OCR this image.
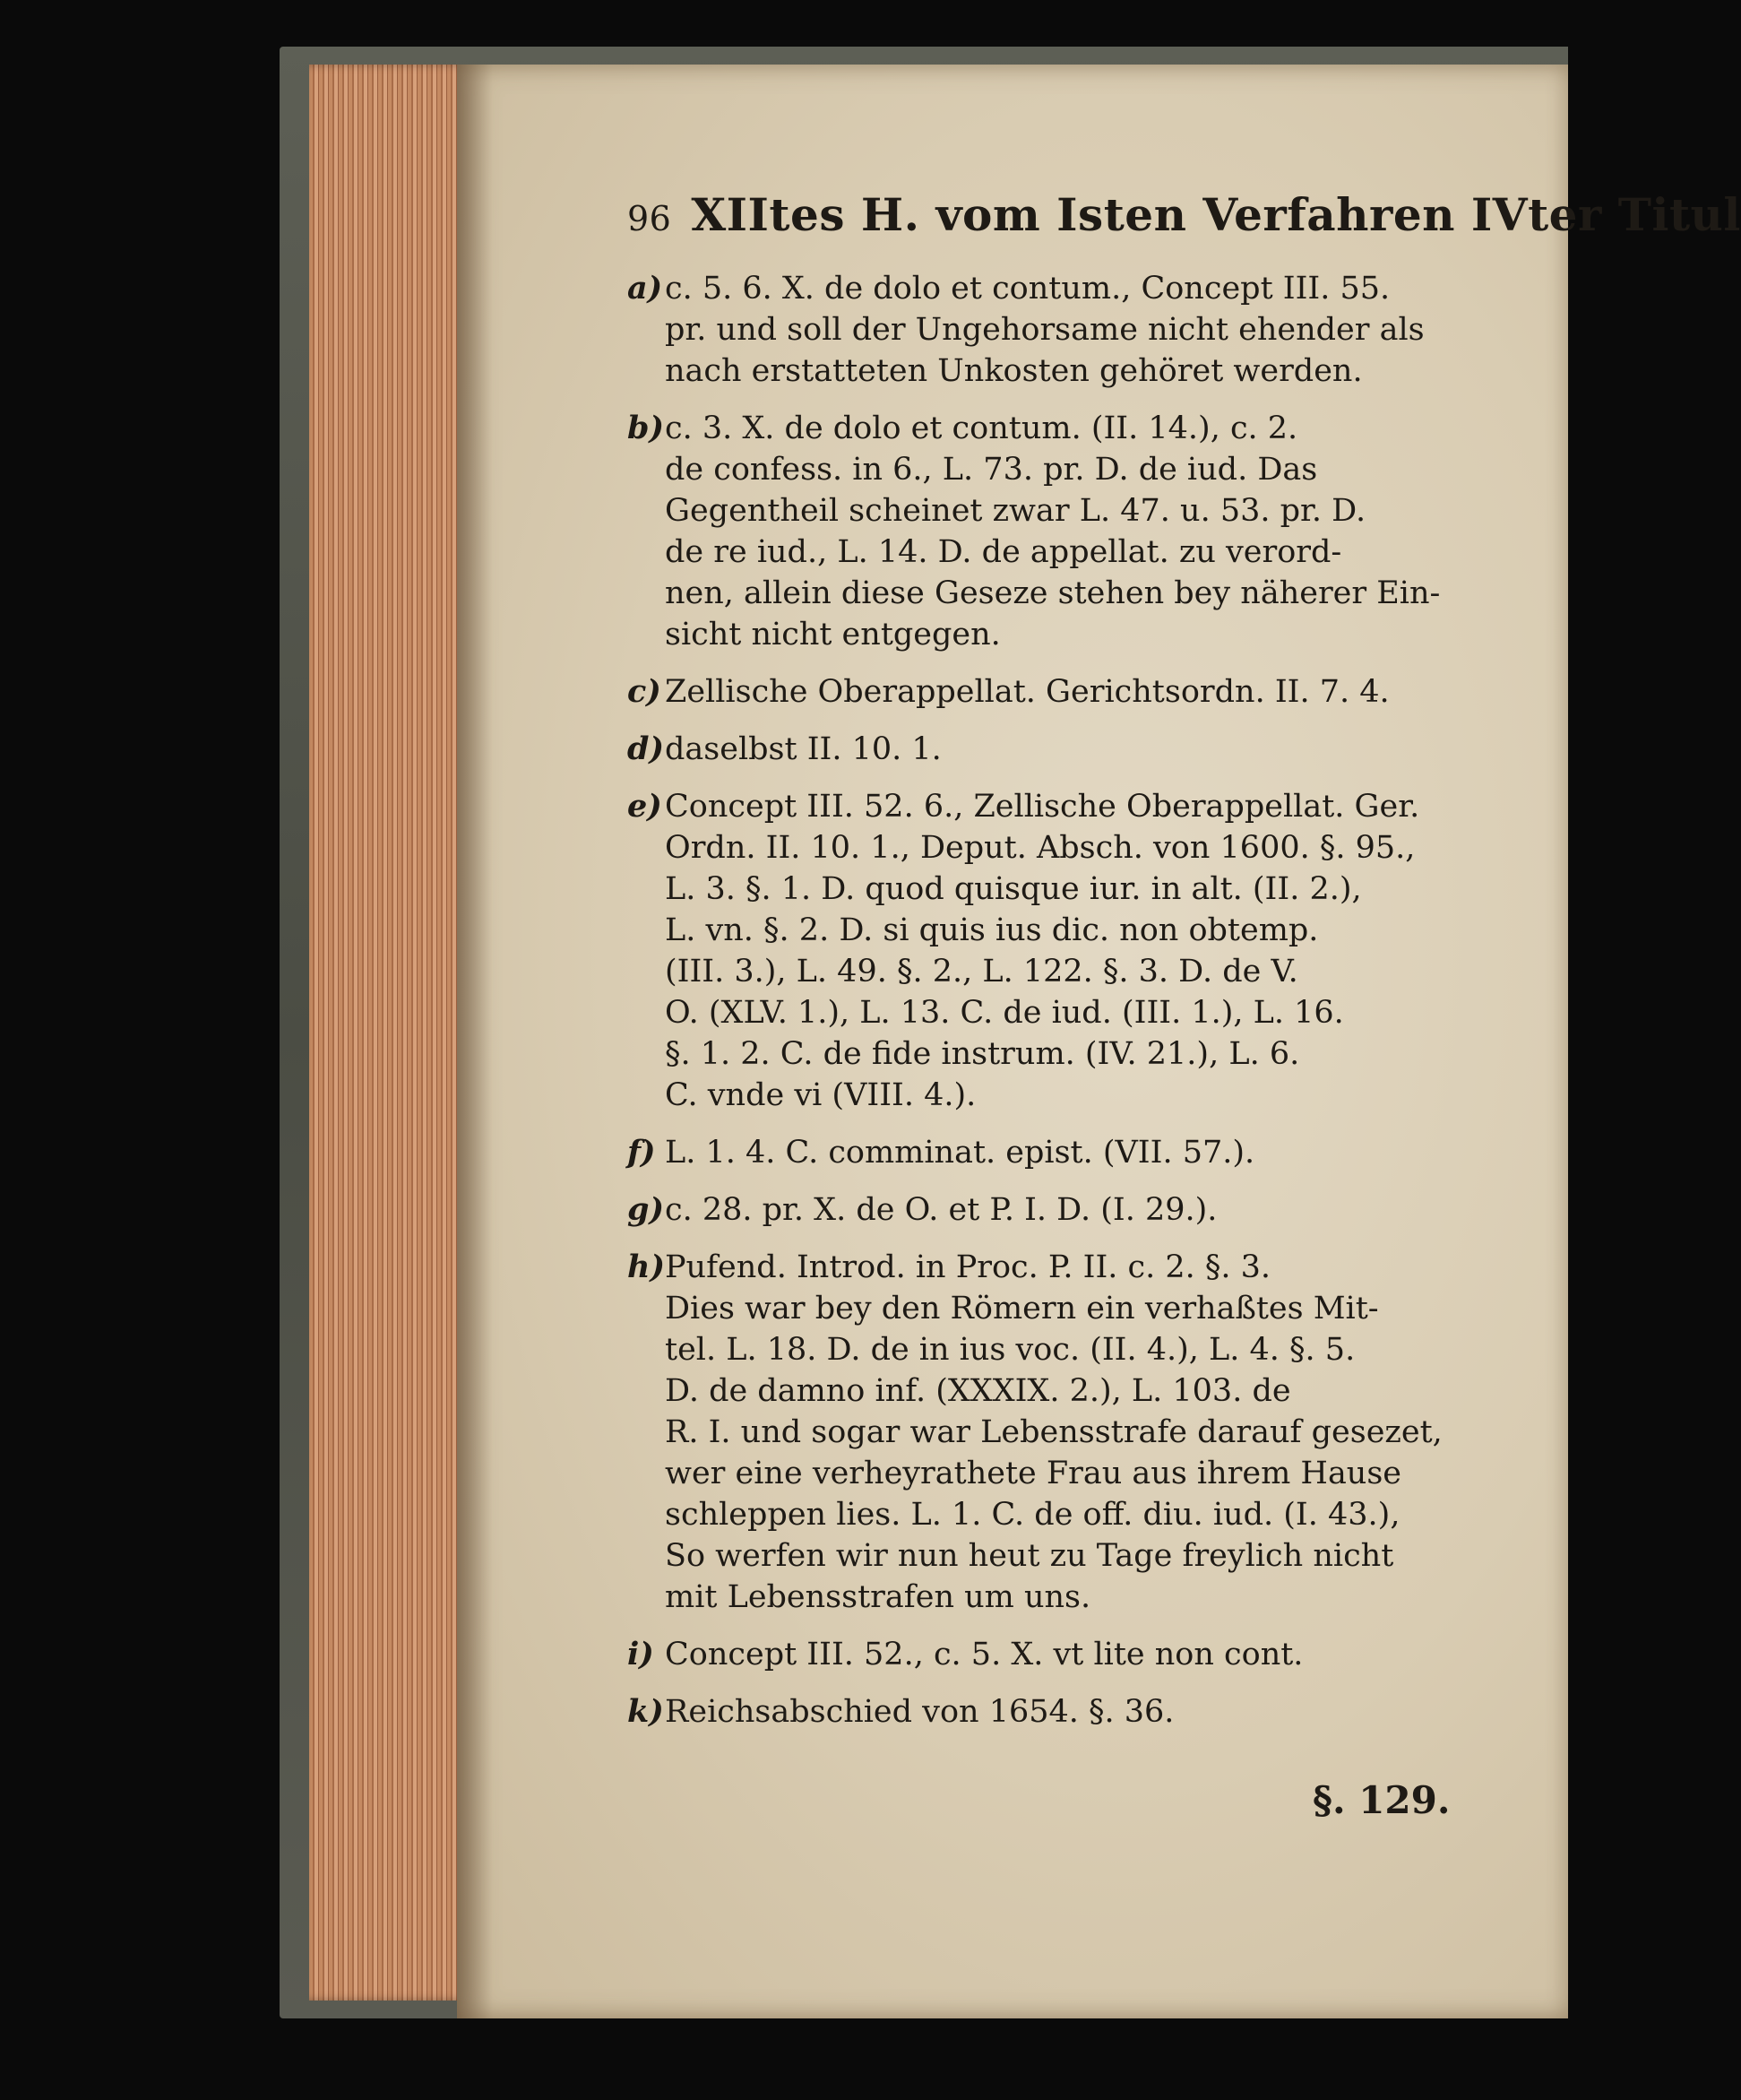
96 XIItes H. vom Isten Verfahren IVter Titul
a) c. 5. 6. X. de dolo et contum., Concept III. 55.
pr. und soll der Ungehorsame nicht ehender als
nach erstatteten Unkosten gehöret werden.
b) c. 3. X. de dolo et contum. (II. 14.), c. 2.
de confess. in 6., L. 73. pr. D. de iud. Das
Gegentheil scheinet zwar L. 47. u. 53. pr. D.
de re iud., L. 14. D. de appellat. zu verord-
nen, allein diese Geseze stehen bey näherer Ein-
sicht nicht entgegen.
c) Zellische Oberappellat. Gerichtsordn. II. 7. 4.
d) daselbst II. 10. 1.
e) Concept III. 52. 6., Zellische Oberappellat. Ger.
Ordn. II. 10. 1., Deput. Absch. von 1600. §. 95.,
L. 3. §. 1. D. quod quisque iur. in alt. (II. 2.),
L. vn. §. 2. D. si quis ius dic. non obtemp.
(III. 3.), L. 49. §. 2., L. 122. §. 3. D. de V.
O. (XLV. 1.), L. 13. C. de iud. (III. 1.), L. 16.
§. 1. 2. C. de fide instrum. (IV. 21.), L. 6.
C. vnde vi (VIII. 4.).
f) L. 1. 4. C. comminat. epist. (VII. 57.).
g) c. 28. pr. X. de O. et P. I. D. (I. 29.).
h) Pufend. Introd. in Proc. P. II. c. 2. §. 3.
Dies war bey den Römern ein verhaßtes Mit-
tel. L. 18. D. de in ius voc. (II. 4.), L. 4. §. 5.
D. de damno inf. (XXXIX. 2.), L. 103. de
R. I. und sogar war Lebensstrafe darauf gesezet,
wer eine verheyrathete Frau aus ihrem Hause
schleppen lies. L. 1. C. de off. diu. iud. (I. 43.),
So werfen wir nun heut zu Tage freylich nicht
mit Lebensstrafen um uns.
i) Concept III. 52., c. 5. X. vt lite non cont.
k) Reichsabschied von 1654. §. 36.
§. 129.
